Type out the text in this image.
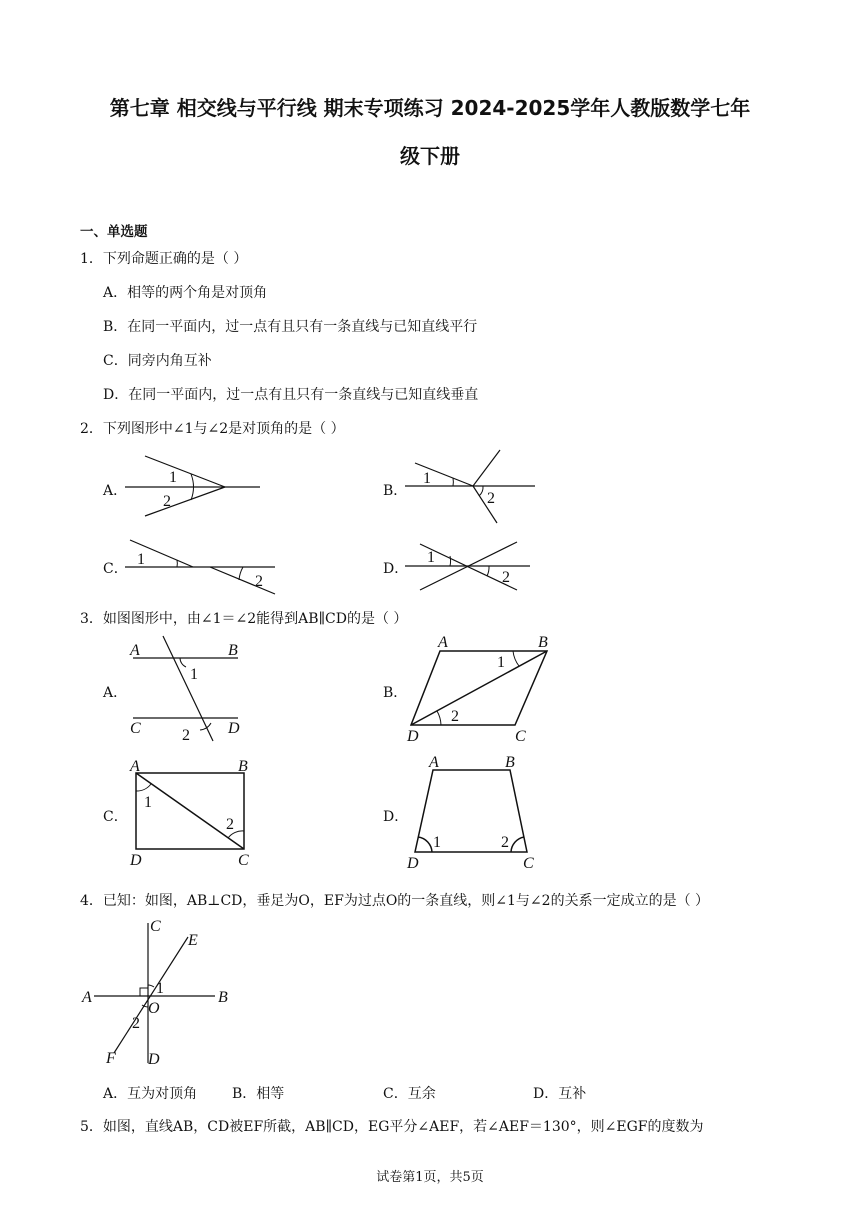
第七章 相交线与平行线 期末专项练习 2024-2025学年人教版数学七年
级下册
一、单选题
1．下列命题正确的是（ ）
A．相等的两个角是对顶角
B．在同一平面内，过一点有且只有一条直线与已知直线平行
C．同旁内角互补
D．在同一平面内，过一点有且只有一条直线与已知直线垂直
2．下列图形中∠1与∠2是对顶角的是（ ）
A．	B．
C．	D．
1
2
1
2
1
2
1
2
3．如图图形中，由∠1＝∠2能得到AB∥CD的是（ ）
A．	B．
C．	D．
A	B
1
C	D
2
A	B
1
2
D	C
A	B
1
2
D	C
A	B
1	2
D	C
4．已知：如图，AB⊥CD，垂足为O，EF为过点O的一条直线，则∠1与∠2的关系一定成立的是（ ）
C
E
A	B
1
O
2
F D
A．互为对顶角 B．相等	C．互余	D．互补
5．如图，直线AB，CD被EF所截，AB∥CD，EG平分∠AEF，若∠AEF＝130°，则∠EGF的度数为
试卷第1页，共5页
